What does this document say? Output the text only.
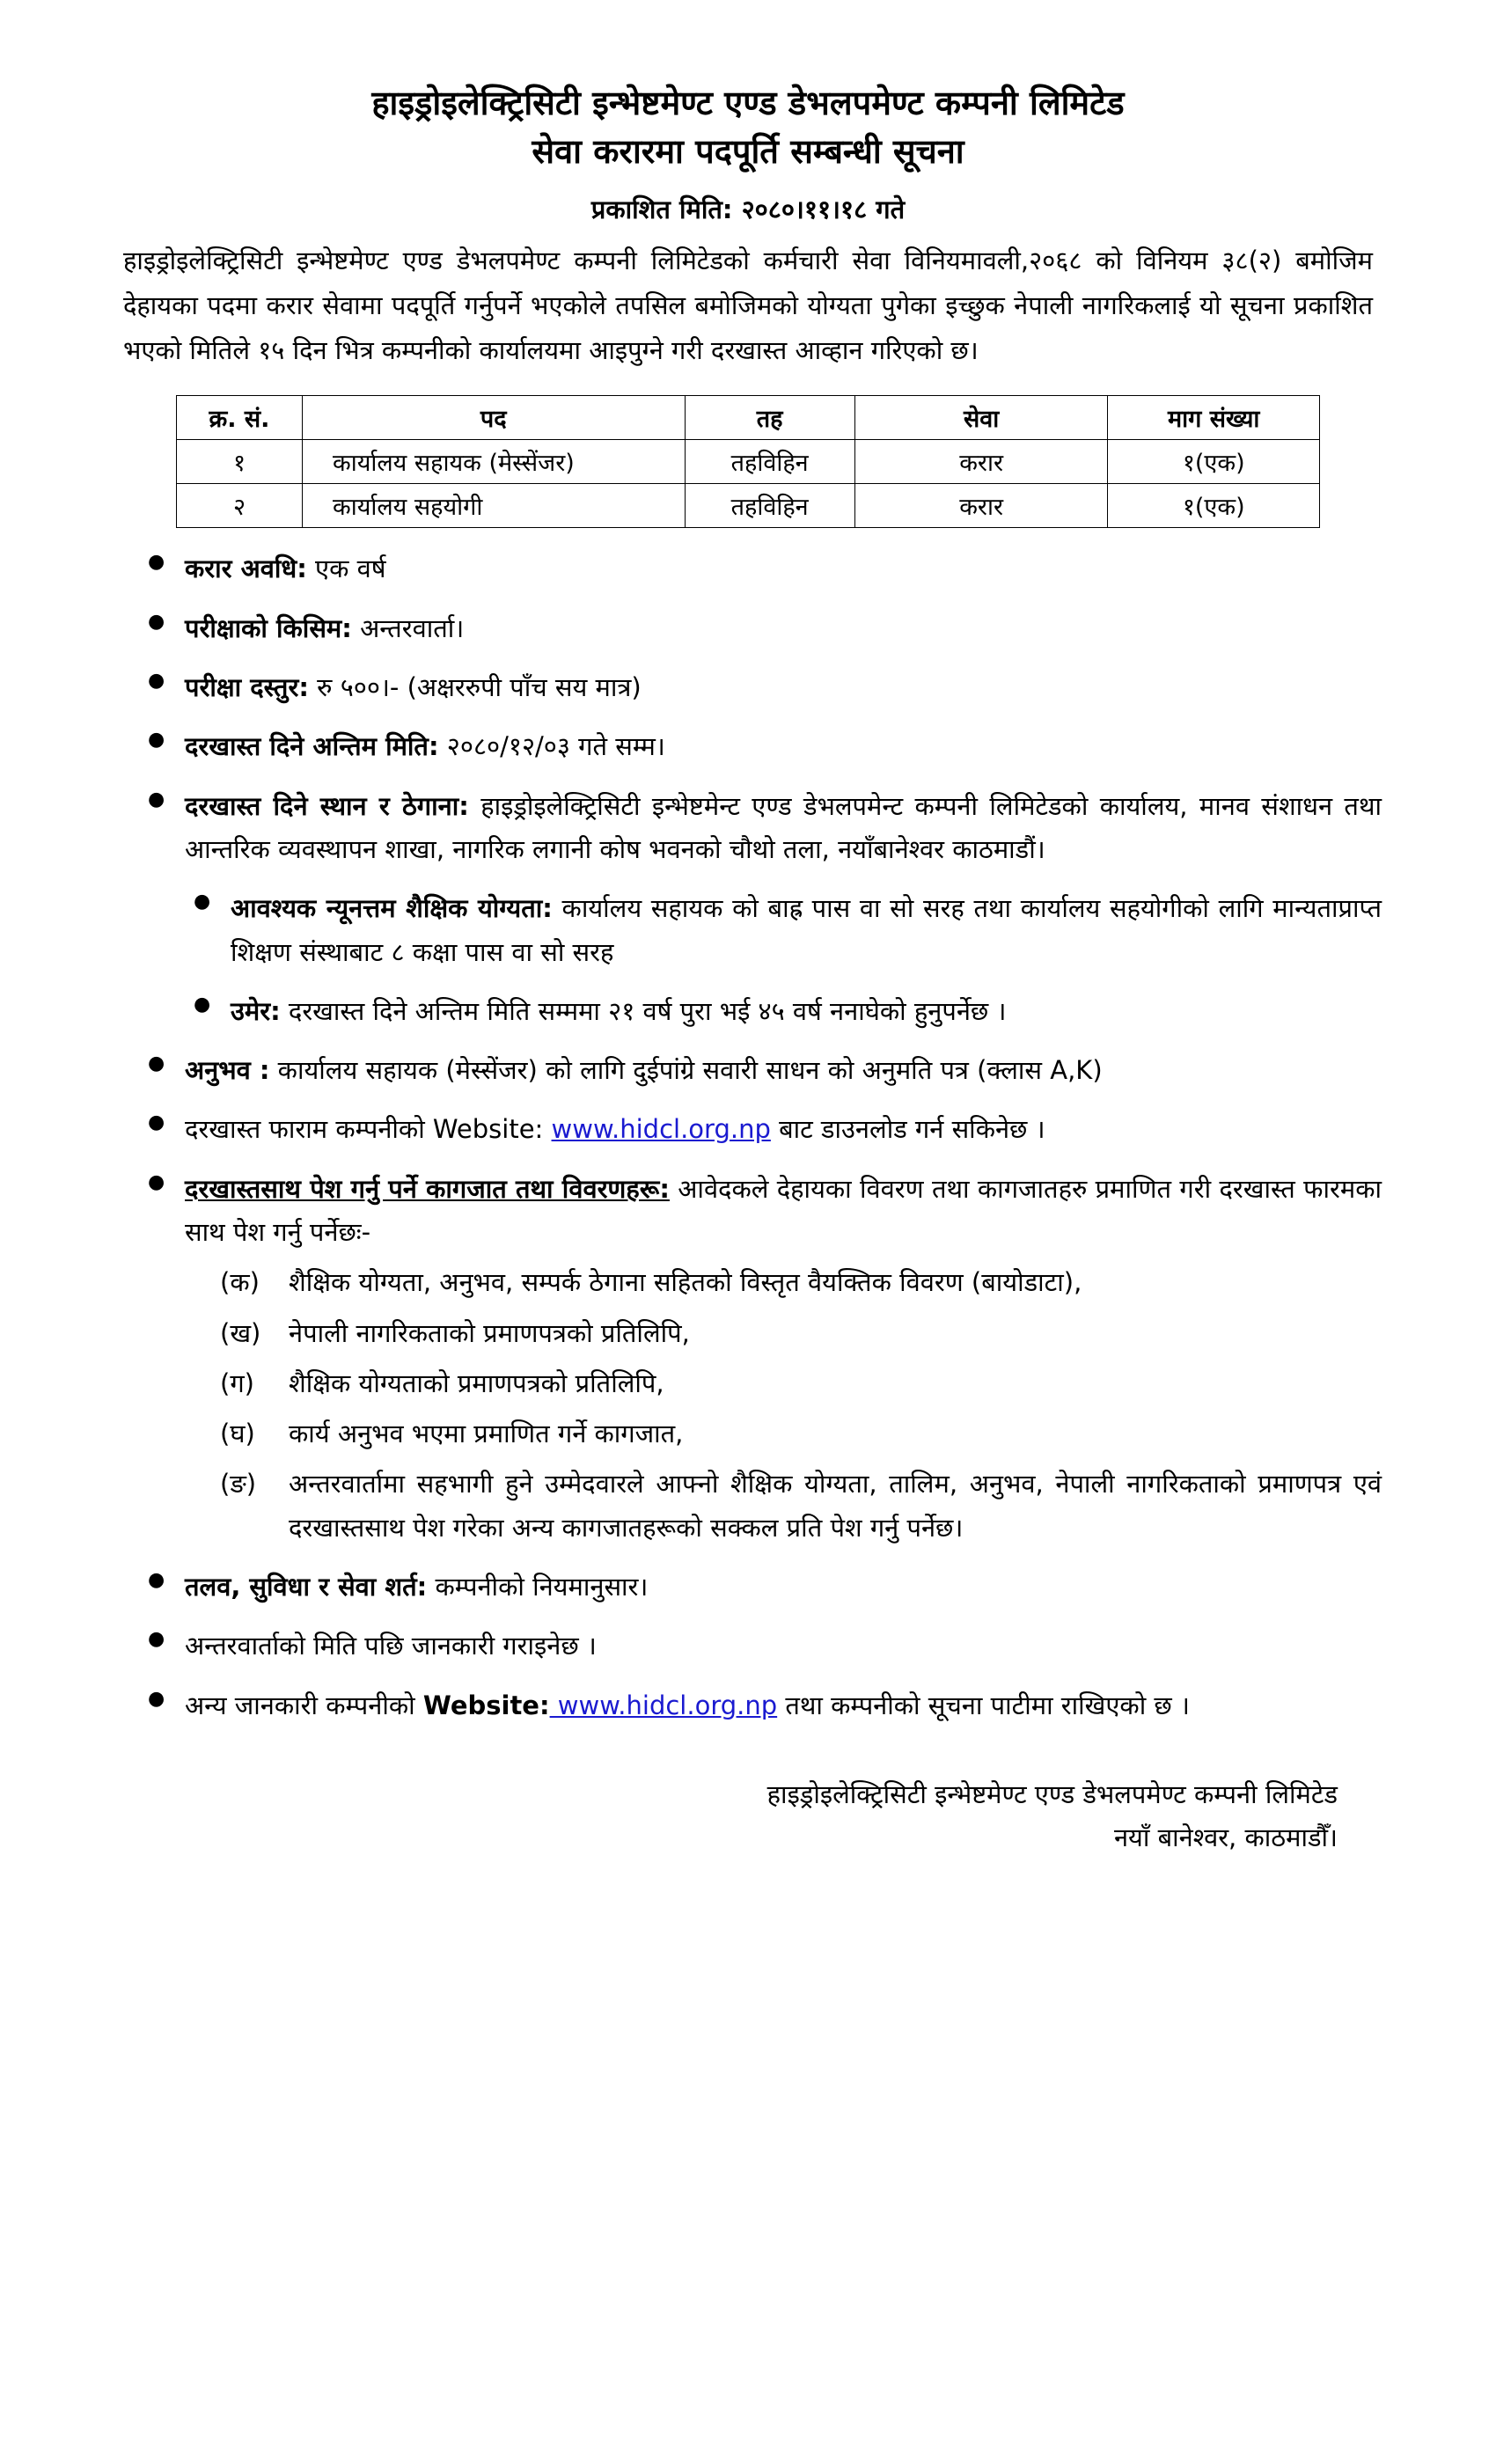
हाइड्रोइलेक्ट्रिसिटी इन्भेष्टमेण्ट एण्ड डेभलपमेण्ट कम्पनी लिमिटेड
सेवा करारमा पदपूर्ति सम्बन्धी सूचना
प्रकाशित मिति: २०८०।११।१८ गते
हाइड्रोइलेक्ट्रिसिटी इन्भेष्टमेण्ट एण्ड डेभलपमेण्ट कम्पनी लिमिटेडको कर्मचारी सेवा विनियमावली,२०६८ को विनियम ३८(२) बमोजिम देहायका पदमा करार सेवामा पदपूर्ति गर्नुपर्ने भएकोले तपसिल बमोजिमको योग्यता पुगेका इच्छुक नेपाली नागरिकलाई यो सूचना प्रकाशित भएको मितिले १५ दिन भित्र कम्पनीको कार्यालयमा आइपुग्ने गरी दरखास्त आव्हान गरिएको छ।
क्र. सं.	पद	तह	सेवा	माग संख्या
१	कार्यालय सहायक (मेस्सेंजर)	तहविहिन	करार	१(एक)
२	कार्यालय सहयोगी	तहविहिन	करार	१(एक)
● करार अवधि: एक वर्ष
● परीक्षाको किसिम: अन्तरवार्ता।
● परीक्षा दस्तुर: रु ५००।- (अक्षररुपी पाँच सय मात्र)
● दरखास्त दिने अन्तिम मिति: २०८०/१२/०३ गते सम्म।
● दरखास्त दिने स्थान र ठेगाना: हाइड्रोइलेक्ट्रिसिटी इन्भेष्टमेन्ट एण्ड डेभलपमेन्ट कम्पनी लिमिटेडको कार्यालय, मानव संशाधन तथा आन्तरिक व्यवस्थापन शाखा, नागरिक लगानी कोष भवनको चौथो तला, नयाँबानेश्वर काठमाडौं।
● आवश्यक न्यूनत्तम शैक्षिक योग्यता: कार्यालय सहायक को बाह्र पास वा सो सरह तथा कार्यालय सहयोगीको लागि मान्यताप्राप्त शिक्षण संस्थाबाट ८ कक्षा पास वा सो सरह
● उमेर: दरखास्त दिने अन्तिम मिति सम्ममा २१ वर्ष पुरा भई ४५ वर्ष ननाघेको हुनुपर्नेछ ।
● अनुभव : कार्यालय सहायक (मेस्सेंजर) को लागि दुईपांग्रे सवारी साधन को अनुमति पत्र (क्लास A,K)
● दरखास्त फाराम कम्पनीको Website: www.hidcl.org.np बाट डाउनलोड गर्न सकिनेछ ।
● दरखास्तसाथ पेश गर्नु पर्ने कागजात तथा विवरणहरू: आवेदकले देहायका विवरण तथा कागजातहरु प्रमाणित गरी दरखास्त फारमका साथ पेश गर्नु पर्नेछः-
(क) शैक्षिक योग्यता, अनुभव, सम्पर्क ठेगाना सहितको विस्तृत वैयक्तिक विवरण (बायोडाटा),
(ख) नेपाली नागरिकताको प्रमाणपत्रको प्रतिलिपि,
(ग) शैक्षिक योग्यताको प्रमाणपत्रको प्रतिलिपि,
(घ) कार्य अनुभव भएमा प्रमाणित गर्ने कागजात,
(ङ) अन्तरवार्तामा सहभागी हुने उम्मेदवारले आफ्नो शैक्षिक योग्यता, तालिम, अनुभव, नेपाली नागरिकताको प्रमाणपत्र एवं दरखास्तसाथ पेश गरेका अन्य कागजातहरूको सक्कल प्रति पेश गर्नु पर्नेछ।
● तलव, सुविधा र सेवा शर्त: कम्पनीको नियमानुसार।
● अन्तरवार्ताको मिति पछि जानकारी गराइनेछ ।
● अन्य जानकारी कम्पनीको Website: www.hidcl.org.np तथा कम्पनीको सूचना पाटीमा राखिएको छ ।
हाइड्रोइलेक्ट्रिसिटी इन्भेष्टमेण्ट एण्ड डेभलपमेण्ट कम्पनी लिमिटेड
नयाँ बानेश्वर, काठमाडौँ।
